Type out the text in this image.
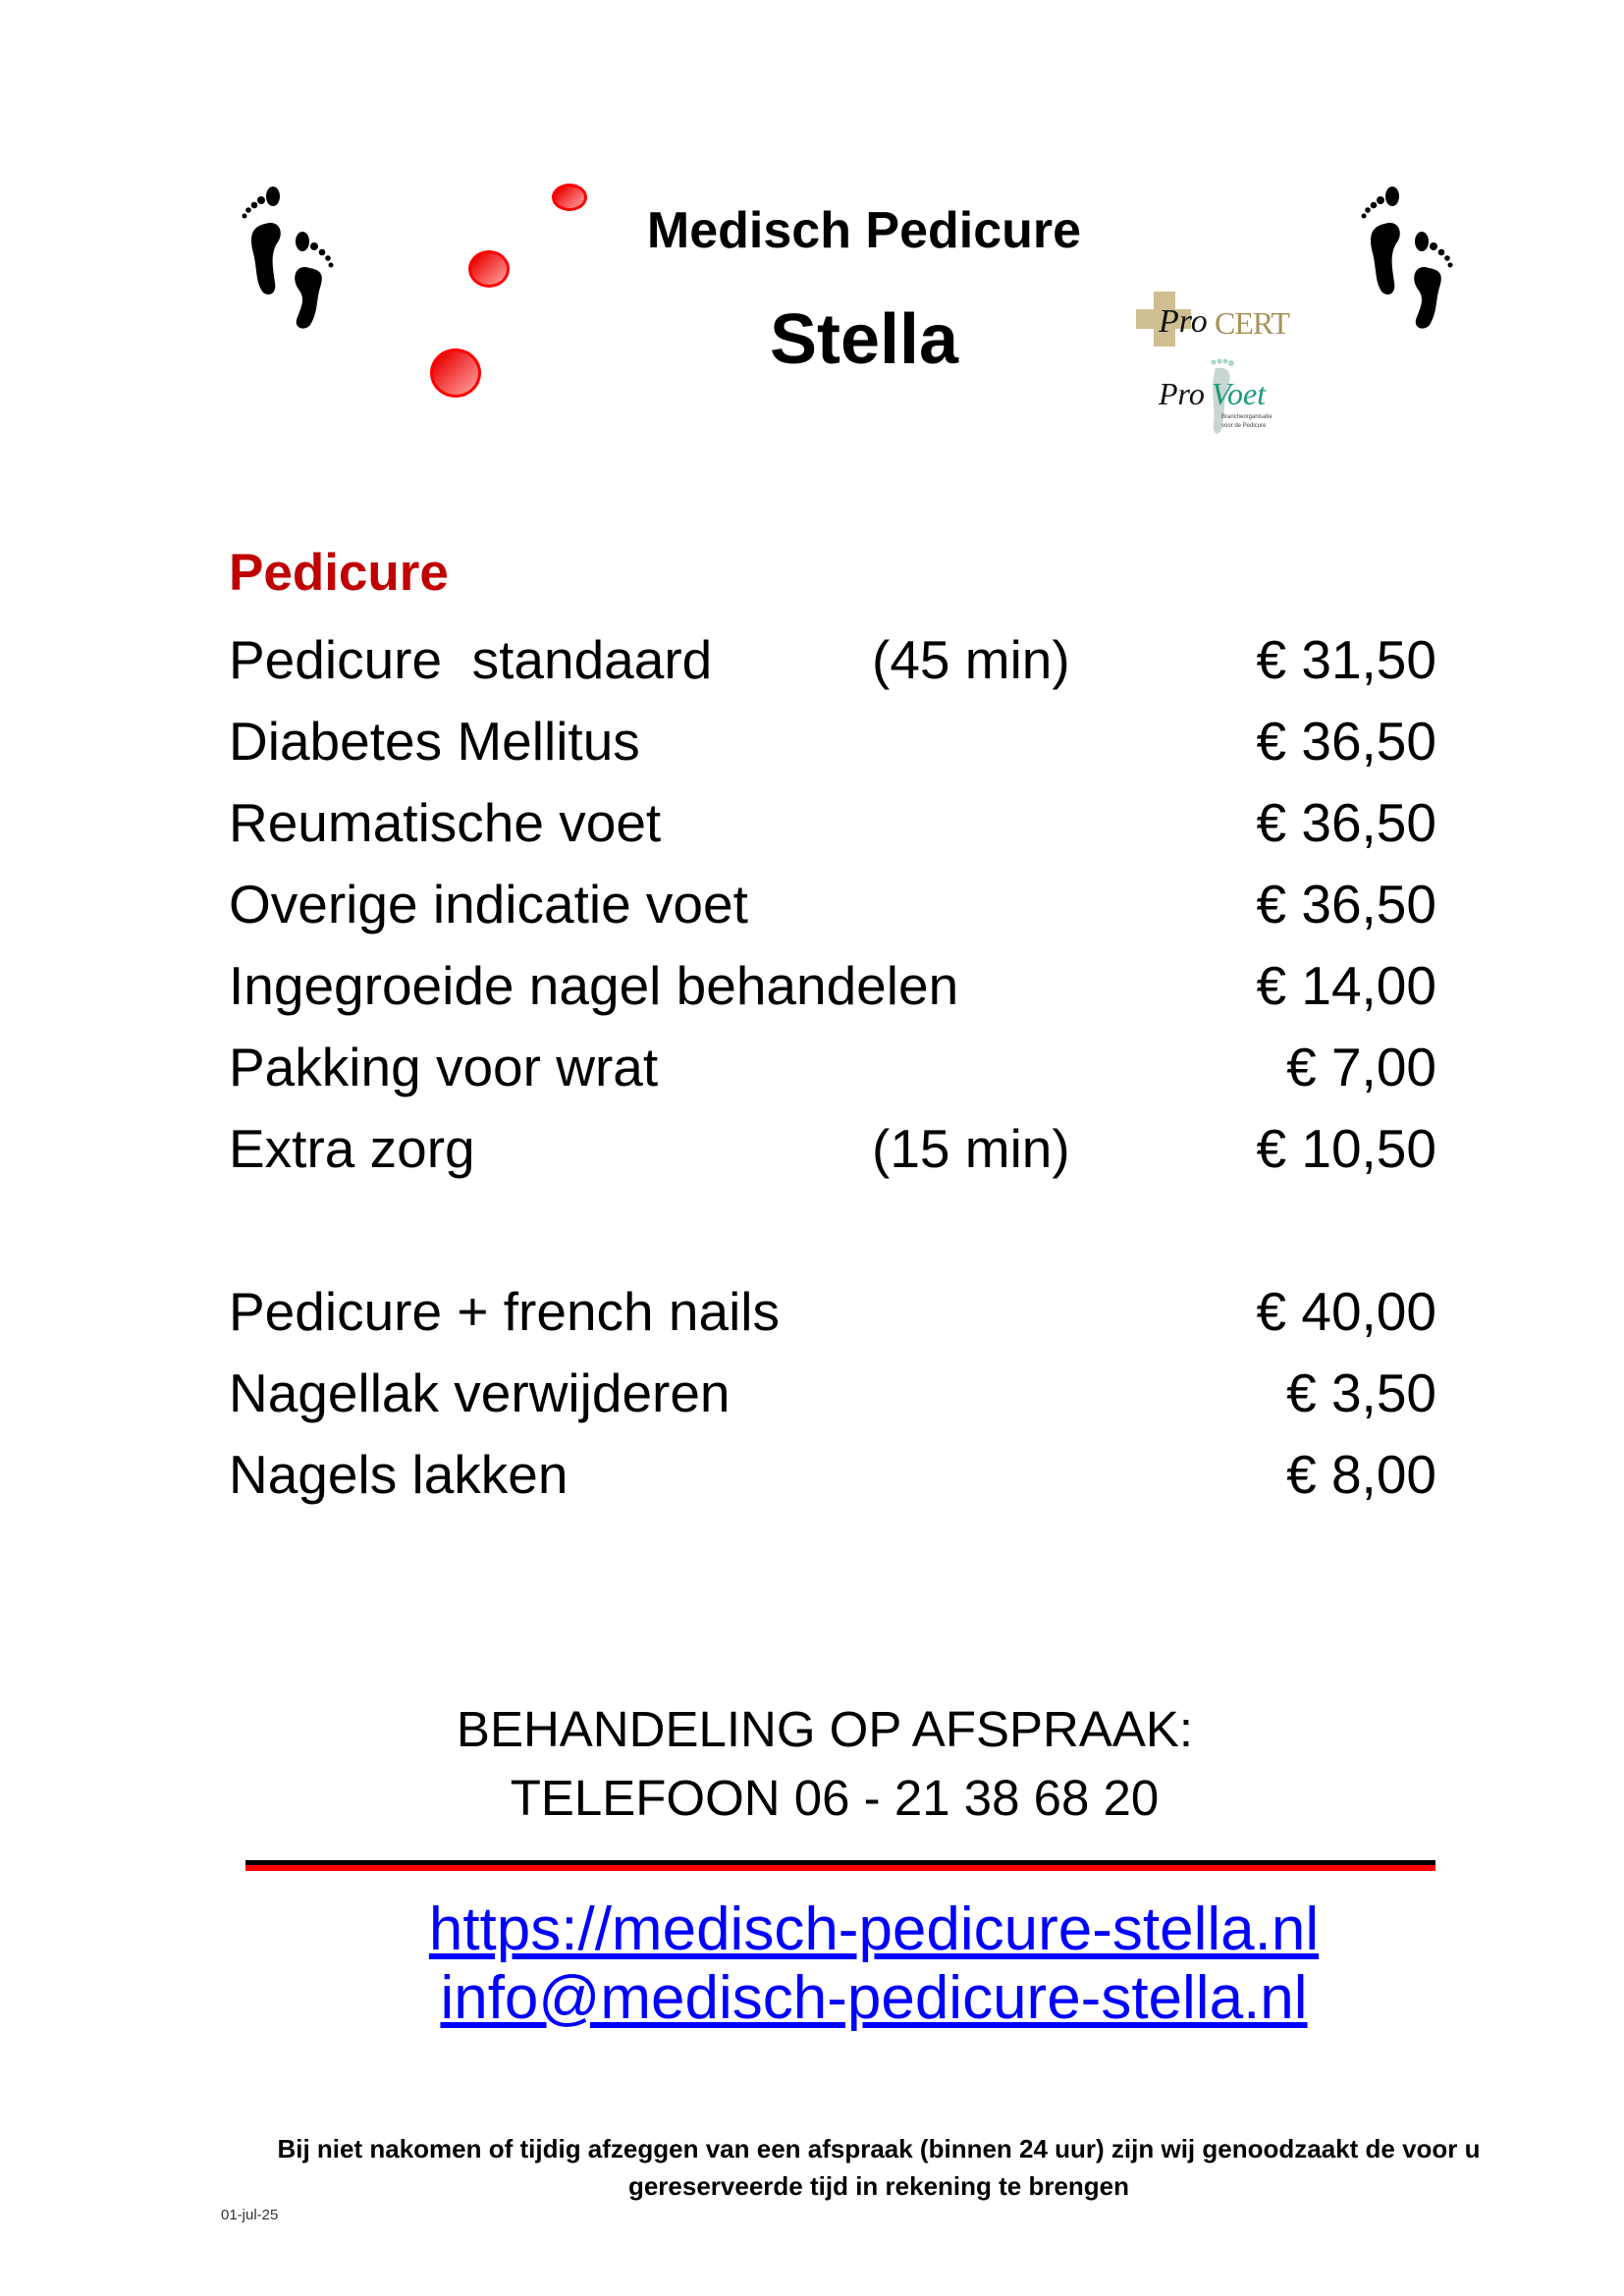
Medisch Pedicure
Stella	Pro CERT
Pro Voet
Brancheorganisatie
voor de Pedicure
Pedicure
Pedicure  standaard	(45 min)	€ 31,50
Diabetes Mellitus	€ 36,50
Reumatische voet	€ 36,50
Overige indicatie voet	€ 36,50
Ingegroeide nagel behandelen	€ 14,00
Pakking voor wrat	€ 7,00
Extra zorg	(15 min)	€ 10,50
Pedicure + french nails	€ 40,00
Nagellak verwijderen	€ 3,50
Nagels lakken	€ 8,00
BEHANDELING OP AFSPRAAK:
TELEFOON 06 - 21 38 68 20
https://medisch-pedicure-stella.nl
info@medisch-pedicure-stella.nl
Bij niet nakomen of tijdig afzeggen van een afspraak (binnen 24 uur) zijn wij genoodzaakt de voor u
gereserveerde tijd in rekening te brengen
01-jul-25
